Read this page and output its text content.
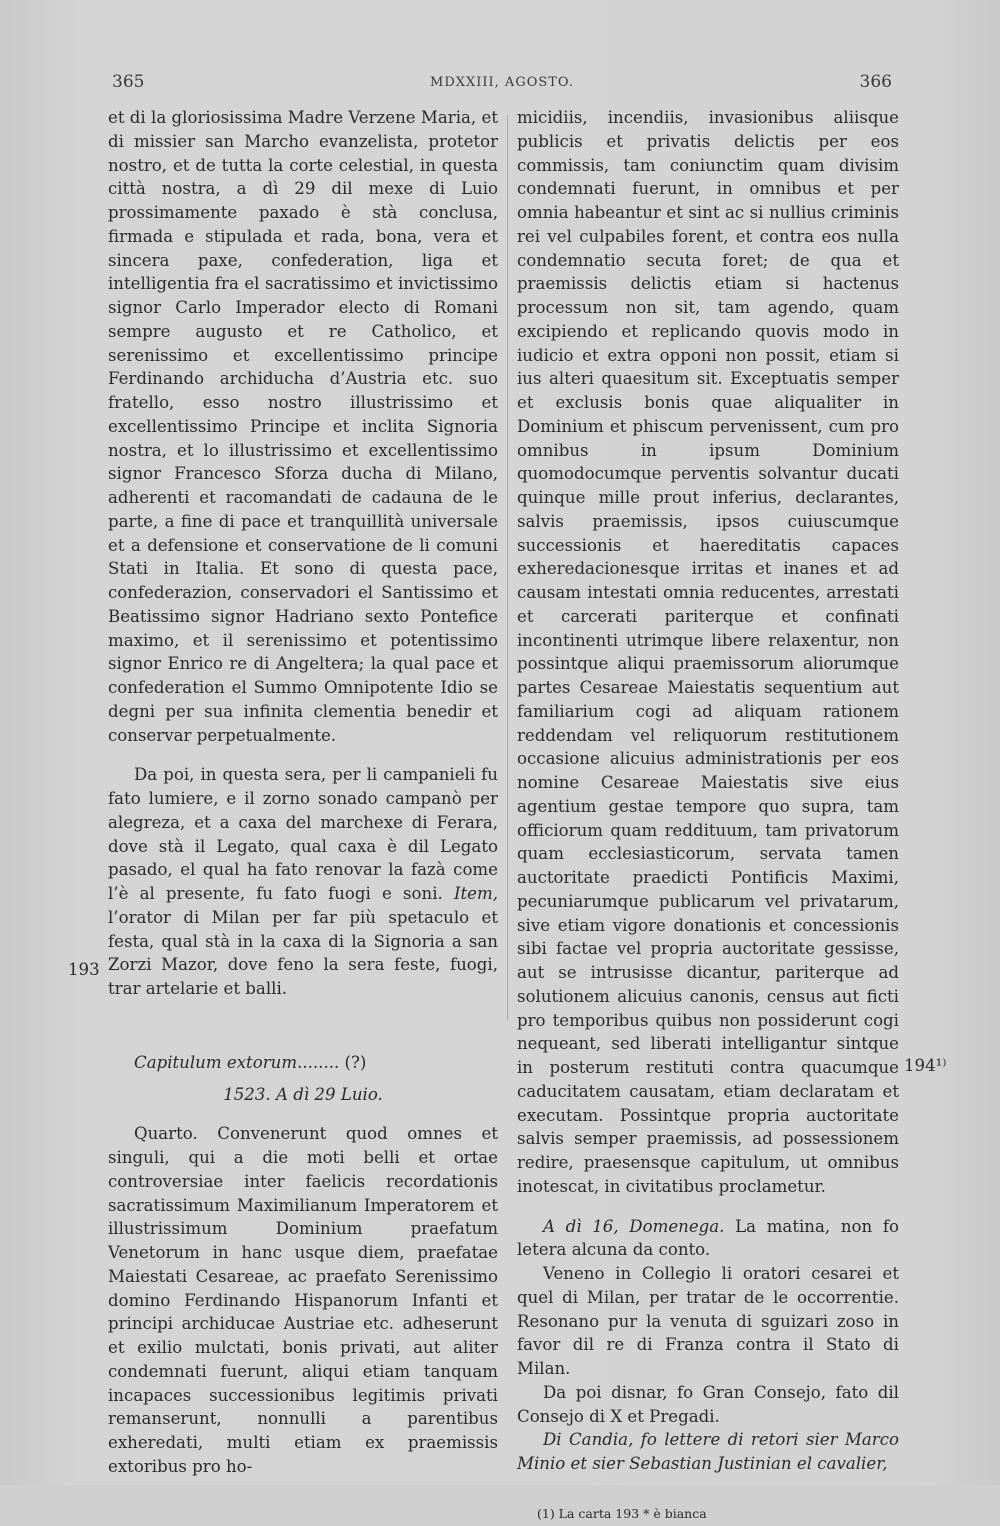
365	MDXXIII, AGOSTO.	366

et di la gloriosissima Madre Verzene Maria, et di missier san Marcho evanzelista, protetor nostro, et de tutta la corte celestial, in questa città nostra, a dì 29 dil mexe di Luio prossimamente paxado è stà conclusa, firmada e stipulada et rada, bona, vera et sincera paxe, confederation, liga et intelligentia fra el sacratissimo et invictissimo signor Carlo Imperador electo di Romani sempre augusto et re Catholico, et serenissimo et excellentissimo principe Ferdinando archiducha d’Austria etc. suo fratello, esso nostro illustrissimo et excellentissimo Principe et inclita Signoria nostra, et lo illustrissimo et excellentissimo signor Francesco Sforza ducha di Milano, adherenti et racomandati de cadauna de le parte, a fine di pace et tranquillità universale et a defensione et conservatione de li comuni Stati in Italia. Et sono di questa pace, confederazion, conservadori el Santissimo et Beatissimo signor Hadriano sexto Pontefice maximo, et il serenissimo et potentissimo signor Enrico re di Angeltera; la qual pace et confederation el Summo Omnipotente Idio se degni per sua infinita clementia benedir et conservar perpetualmente.

Da poi, in questa sera, per li campanieli fu fato lumiere, e il zorno sonado campanò per alegreza, et a caxa del marchexe di Ferara, dove stà il Legato, qual caxa è dil Legato pasado, el qual ha fato renovar la fazà come l’è al presente, fu fato fuogi e soni. Item, l’orator di Milan per far più spetaculo et festa, qual stà in la caxa di la Signoria a san Zorzi Mazor, dove feno la sera feste, fuogi, trar artelarie et balli.

Capitulum extorum........ (?)

1523. A dì 29 Luio.

Quarto. Convenerunt quod omnes et singuli, qui a die moti belli et ortae controversiae inter faelicis recordationis sacratissimum Maximilianum Imperatorem et illustrissimum Dominium praefatum Venetorum in hanc usque diem, praefatae Maiestati Cesareae, ac praefato Serenissimo domino Ferdinando Hispanorum Infanti et principi archiducae Austriae etc. adheserunt et exilio mulctati, bonis privati, aut aliter condemnati fuerunt, aliqui etiam tanquam incapaces successionibus legitimis privati remanserunt, nonnulli a parentibus exheredati, multi etiam ex praemissis extoribus pro ho-

micidiis, incendiis, invasionibus aliisque publicis et privatis delictis per eos commissis, tam coniunctim quam divisim condemnati fuerunt, in omnibus et per omnia habeantur et sint ac si nullius criminis rei vel culpabiles forent, et contra eos nulla condemnatio secuta foret; de qua et praemissis delictis etiam si hactenus processum non sit, tam agendo, quam excipiendo et replicando quovis modo in iudicio et extra opponi non possit, etiam si ius alteri quaesitum sit. Exceptuatis semper et exclusis bonis quae aliqualiter in Dominium et phiscum pervenissent, cum pro omnibus in ipsum Dominium quomodocumque perventis solvantur ducati quinque mille prout inferius, declarantes, salvis praemissis, ipsos cuiuscumque successionis et haereditatis capaces exheredacionesque irritas et inanes et ad causam intestati omnia reducentes, arrestati et carcerati pariterque et confinati incontinenti utrimque libere relaxentur, non possintque aliqui praemissorum aliorumque partes Cesareae Maiestatis sequentium aut familiarium cogi ad aliquam rationem reddendam vel reliquorum restitutionem occasione alicuius administrationis per eos nomine Cesareae Maiestatis sive eius agentium gestae tempore quo supra, tam officiorum quam reddituum, tam privatorum quam ecclesiasticorum, servata tamen auctoritate praedicti Pontificis Maximi, pecuniarumque publicarum vel privatarum, sive etiam vigore donationis et concessionis sibi factae vel propria auctoritate gessisse, aut se intrusisse dicantur, pariterque ad solutionem alicuius canonis, census aut ficti pro temporibus quibus non possiderunt cogi nequeant, sed liberati intelligantur sintque in posterum restituti contra quacumque caducitatem causatam, etiam declaratam et executam. Possintque propria auctoritate salvis semper praemissis, ad possessionem redire, praesensque capitulum, ut omnibus inotescat, in civitatibus proclametur.

A dì 16, Domenega. La matina, non fo letera alcuna da conto.

Veneno in Collegio li oratori cesarei et quel di Milan, per tratar de le occorrentie. Resonano pur la venuta di sguizari zoso in favor dil re di Franza contra il Stato di Milan.

Da poi disnar, fo Gran Consejo, fato dil Consejo di X et Pregadi.

Di Candia, fo lettere di retori sier Marco Minio et sier Sebastian Justinian el cavalier,

(1) La carta 193 * è bianca
193
194¹⁾
